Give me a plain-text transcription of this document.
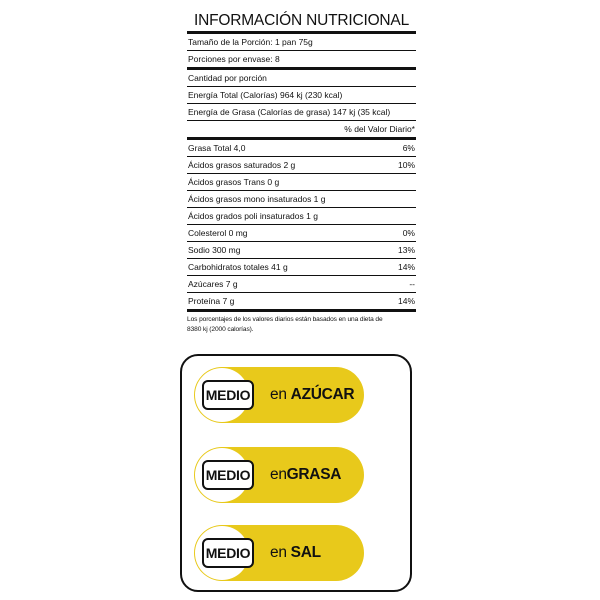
INFORMACIÓN NUTRICIONAL
Tamaño de la Porción: 1 pan 75g
Porciones por envase: 8
Cantidad por porción
Energía Total (Calorías) 964 kj (230 kcal)
Energía de Grasa (Calorías de grasa) 147 kj (35 kcal)
% del Valor Diario*
Grasa Total 4,0	6%
Ácidos grasos saturados 2 g	10%
Ácidos grasos Trans 0 g
Ácidos grasos mono insaturados 1 g
Ácidos grados poli insaturados 1 g
Colesterol 0 mg	0%
Sodio 300 mg	13%
Carbohidratos totales 41 g	14%
Azúcares 7 g	--
Proteína 7 g	14%
Los porcentajes de los valores diarios están basados en una dieta de
8380 kj (2000 calorías).
MEDIO en AZÚCAR
MEDIO enGRASA
MEDIO en SAL
